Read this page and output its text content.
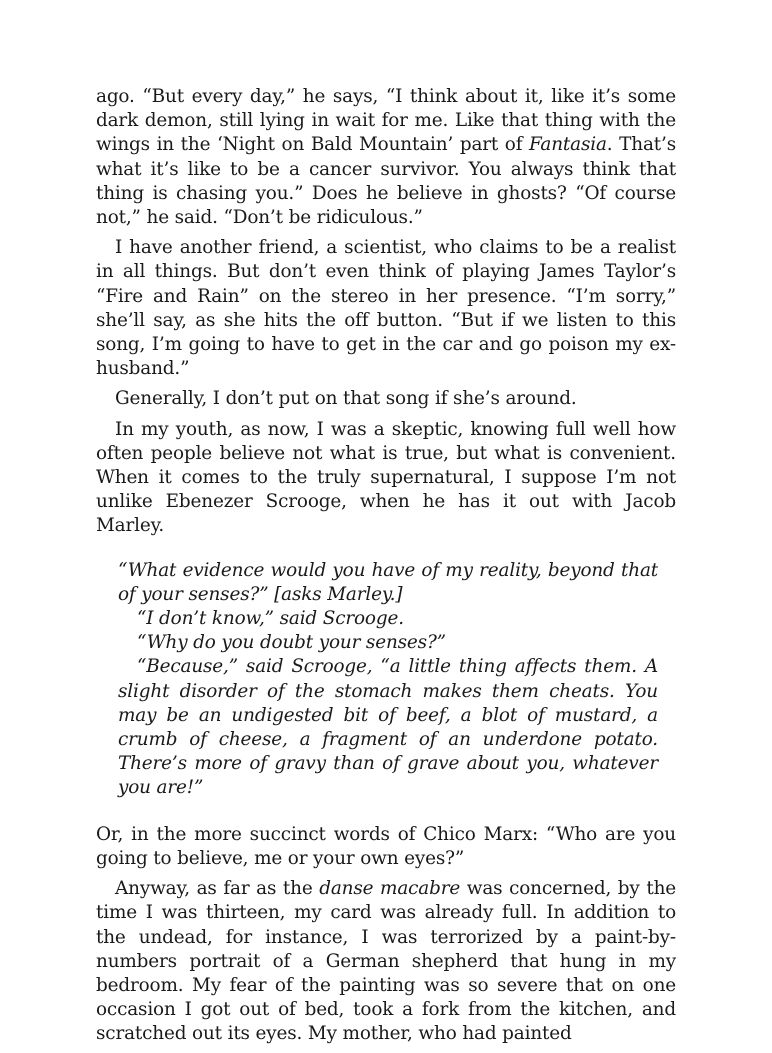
ago. “But every day,” he says, “I think about it, like it’s some dark demon, still lying in wait for me. Like that thing with the wings in the ‘Night on Bald Mountain’ part of Fantasia. That’s what it’s like to be a cancer survivor. You always think that thing is chasing you.” Does he believe in ghosts? “Of course not,” he said. “Don’t be ridiculous.”

I have another friend, a scientist, who claims to be a realist in all things. But don’t even think of playing James Taylor’s “Fire and Rain” on the stereo in her presence. “I’m sorry,” she’ll say, as she hits the off button. “But if we listen to this song, I’m going to have to get in the car and go poison my ex-husband.”

Generally, I don’t put on that song if she’s around.

In my youth, as now, I was a skeptic, knowing full well how often people believe not what is true, but what is convenient. When it comes to the truly supernatural, I suppose I’m not unlike Ebenezer Scrooge, when he has it out with Jacob Marley.

“What evidence would you have of my reality, beyond that of your senses?” [asks Marley.]

“I don’t know,” said Scrooge.

“Why do you doubt your senses?”

“Because,” said Scrooge, “a little thing affects them. A slight disorder of the stomach makes them cheats. You may be an undigested bit of beef, a blot of mustard, a crumb of cheese, a fragment of an underdone potato. There’s more of gravy than of grave about you, whatever you are!”

Or, in the more succinct words of Chico Marx: “Who are you going to believe, me or your own eyes?”

Anyway, as far as the danse macabre was concerned, by the time I was thirteen, my card was already full. In addition to the undead, for instance, I was terrorized by a paint-by-numbers portrait of a German shepherd that hung in my bedroom. My fear of the painting was so severe that on one occasion I got out of bed, took a fork from the kitchen, and scratched out its eyes. My mother, who had painted
